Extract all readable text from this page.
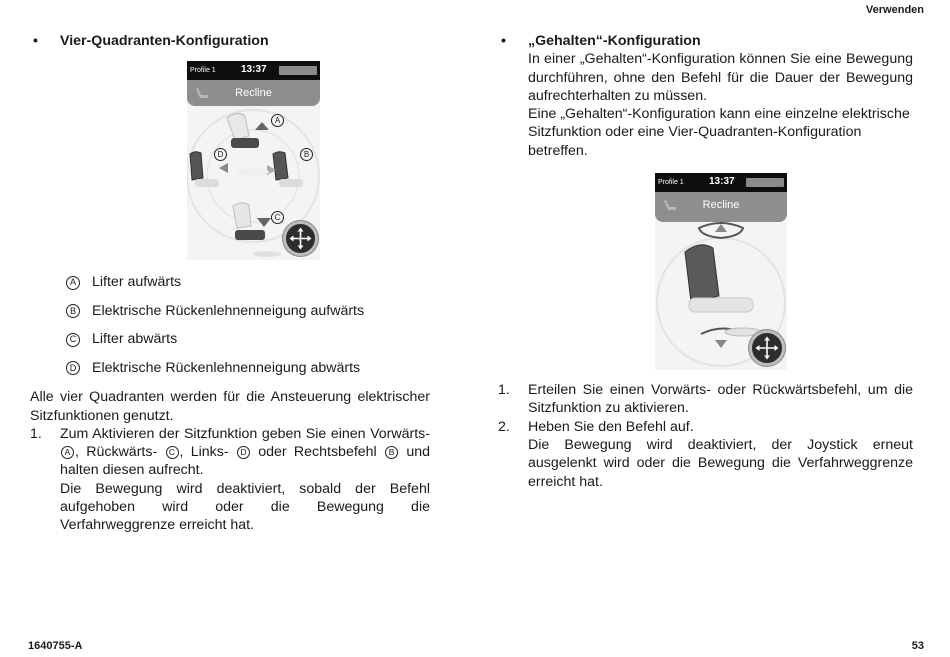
Verwenden
• Vier-Quadranten-Konfiguration
A Lifter aufwärts
B Elektrische Rückenlehnenneigung aufwärts
C Lifter abwärts
D Elektrische Rückenlehnenneigung abwärts
Alle vier Quadranten werden für die Ansteuerung elektrischer Sitzfunktionen genutzt.
1. Zum Aktivieren der Sitzfunktion geben Sie einen Vorwärts- A , Rückwärts- C , Links- D oder Rechtsbefehl B und halten diesen aufrecht.
Die Bewegung wird deaktiviert, sobald der Befehl aufgehoben wird oder die Bewegung die Verfahrweggrenze erreicht hat.
Profile 1	13:37
Recline
A
D	B
C
• „Gehalten“-Konfiguration
In einer „Gehalten“-Konfiguration können Sie eine Bewegung durchführen, ohne den Befehl für die Dauer der Bewegung aufrechterhalten zu müssen.
Eine „Gehalten“-Konfiguration kann eine einzelne elektrische Sitzfunktion oder eine Vier-Quadranten-Konfiguration betreffen.
1. Erteilen Sie einen Vorwärts- oder Rückwärtsbefehl, um die Sitzfunktion zu aktivieren.
2. Heben Sie den Befehl auf.
Die Bewegung wird deaktiviert, der Joystick erneut ausgelenkt wird oder die Bewegung die Verfahrweggrenze erreicht hat.
Profile 1	13:37
Recline
1640755-A	53
